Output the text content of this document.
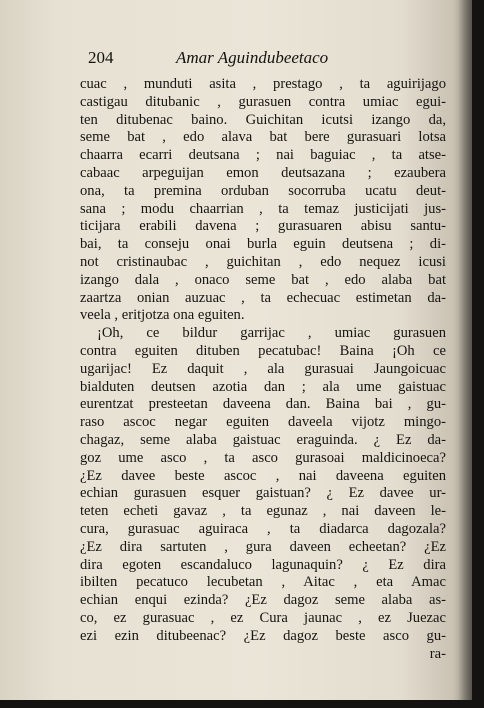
204	Amar Aguindubeetaco
cuac , munduti asita , prestago , ta aguirijago
castigau ditubanic , gurasuen contra umiac egui-
ten ditubenac baino. Guichitan icutsi izango da,
seme bat , edo alava bat bere gurasuari lotsa
chaarra ecarri deutsana ; nai baguiac , ta atse-
cabaac arpeguijan emon deutsazana ; ezaubera
ona, ta premina orduban socorruba ucatu deut-
sana ; modu chaarrian , ta temaz justicijati jus-
ticijara erabili davena ; gurasuaren abisu santu-
bai, ta conseju onai burla eguin deutsena ; di-
not cristinaubac , guichitan , edo nequez icusi
izango dala , onaco seme bat , edo alaba bat
zaartza onian auzuac , ta echecuac estimetan da-
veela , eritjotza ona eguiten.
¡Oh, ce bildur garrijac , umiac gurasuen
contra eguiten dituben pecatubac! Baina ¡Oh ce
ugarijac! Ez daquit , ala gurasuai Jaungoicuac
bialduten deutsen azotia dan ; ala ume gaistuac
eurentzat presteetan daveena dan. Baina bai , gu-
raso ascoc negar eguiten daveela vijotz mingo-
chagaz, seme alaba gaistuac eraguinda. ¿ Ez da-
goz ume asco , ta asco gurasoai maldicinoeca?
¿Ez davee beste ascoc , nai daveena eguiten
echian gurasuen esquer gaistuan? ¿ Ez davee ur-
teten echeti gavaz , ta egunaz , nai daveen le-
cura, gurasuac aguiraca , ta diadarca dagozala?
¿Ez dira sartuten , gura daveen echeetan? ¿Ez
dira egoten escandaluco lagunaquin? ¿ Ez dira
ibilten pecatuco lecubetan , Aitac , eta Amac
echian enqui ezinda? ¿Ez dagoz seme alaba as-
co, ez gurasuac , ez Cura jaunac , ez Juezac
ezi ezin ditubeenac? ¿Ez dagoz beste asco gu-
ra-
